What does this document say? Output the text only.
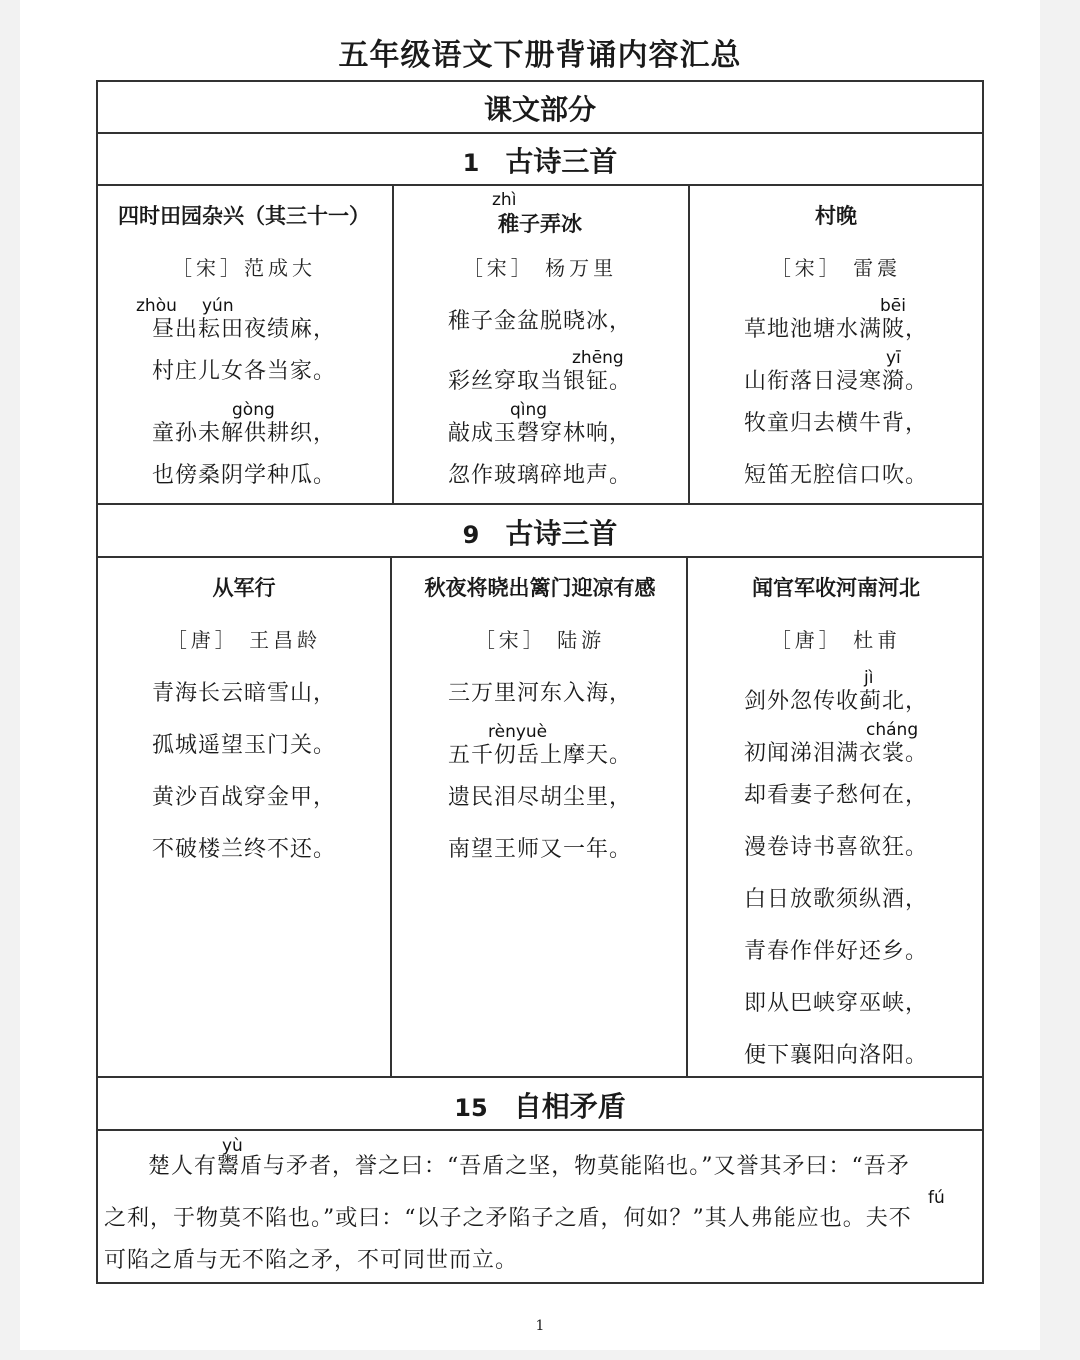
五年级语文下册背诵内容汇总
课文部分
1 古诗三首
四时田园杂兴（其三十一）
［宋］范成大
zhòu yún
昼出耘田夜绩麻，
村庄儿女各当家。
gòng
童孙未解供耕织，
也傍桑阴学种瓜。
zhì
稚子弄冰
［宋］ 杨万里
稚子金盆脱晓冰，
zhēng
彩丝穿取当银钲。
qìng
敲成玉磬穿林响，
忽作玻璃碎地声。
村晚
［宋］ 雷震
bēi
草地池塘水满陂，
yī
山衔落日浸寒漪。
牧童归去横牛背，
短笛无腔信口吹。
9 古诗三首
从军行
［唐］ 王昌龄
青海长云暗雪山，
孤城遥望玉门关。
黄沙百战穿金甲，
不破楼兰终不还。
秋夜将晓出篱门迎凉有感
［宋］ 陆游
三万里河东入海，
rènyuè
五千仞岳上摩天。
遗民泪尽胡尘里，
南望王师又一年。
闻官军收河南河北
［唐］ 杜甫
jì
剑外忽传收蓟北，
cháng
初闻涕泪满衣裳。
却看妻子愁何在，
漫卷诗书喜欲狂。
白日放歌须纵酒，
青春作伴好还乡。
即从巴峡穿巫峡，
便下襄阳向洛阳。
15 自相矛盾
yù
fú
楚人有鬻盾与矛者，誉之曰：“吾盾之坚，物莫能陷也。”又誉其矛曰：“吾矛
之利，于物莫不陷也。”或曰：“以子之矛陷子之盾，何如？”其人弗能应也。夫不
可陷之盾与无不陷之矛，不可同世而立。
1
